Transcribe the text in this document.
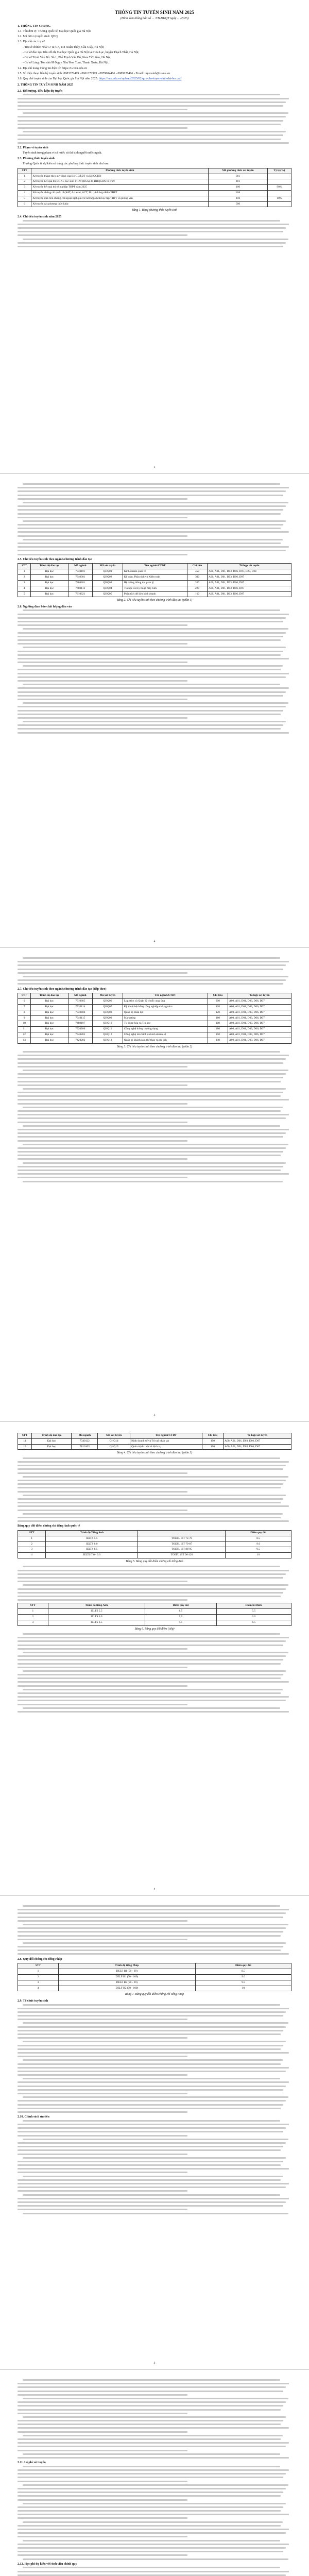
THÔNG TIN TUYỂN SINH NĂM 2025
(Đính kèm thông báo số ... /TB-ĐHQT ngày ... /2025)
1. THÔNG TIN CHUNG

1.1. Tên đơn vị: Trường Quốc tế, Đại học Quốc gia Hà Nội

1.2. Mã đơn vị tuyển sinh: QHQ

1.3. Địa chỉ các trụ sở:

- Trụ sở chính: Nhà G7 & G7, 144 Xuân Thủy, Cầu Giấy, Hà Nội;

- Cơ sở đào tạo: Khu đô thị Đại học Quốc gia Hà Nội tại Hòa Lạc, huyện Thạch Thất, Hà Nội;

- Cơ sở Trinh Văn Bô: Số 1, Phố Trịnh Văn Bô, Nam Từ Liêm, Hà Nội;

- Cơ sở Láng: Tòa nhà 99 Ngụy Như Kon Tum, Thanh Xuân, Hà Nội.

1.4. Địa chỉ trang thông tin điện tử: https://is.vnu.edu.vn

1.5. Số điện thoại liên hệ tuyển sinh: 0983372499 - 0961372999 - 0979004466 - 0989126466 - Email: tuyensinh@isvnu.vn

1.6. Quy chế tuyển sinh của Đại học Quốc gia Hà Nội năm 2025: https://vnu.edu.vn/upload/2025/02/quy-che-tuyen-sinh-dai-hoc.pdf

2. THÔNG TIN TUYỂN SINH NĂM 2025
2.1. Đối tượng, điều kiện dự tuyển
2.2. Phạm vi tuyển sinh

Tuyển sinh trong phạm vi cả nước và thí sinh người nước ngoài.

2.3. Phương thức tuyển sinh

Trường Quốc tế dự kiến sử dụng các phương thức tuyển sinh như sau:

STT	Phương thức tuyển sinh	Mã phương thức xét tuyển	Tỷ lệ (%)
1	Xét tuyển thẳng theo quy định của Bộ GD&ĐT và ĐHQGHN	301	
2	Xét tuyển kết quả thi ĐGNL học sinh THPT (HSA) do ĐHQGHN tổ chức	401	
3	Xét tuyển kết quả thi tốt nghiệp THPT năm 2025	100	90%
4	Xét tuyển chứng chỉ quốc tế (SAT, A-Level, ACT, IB...) kết hợp điểm THPT	408	
5	Xét tuyển dựa trên chứng chỉ ngoại ngữ quốc tế kết hợp điểm học tập THPT và phỏng vấn	410	10%
6	Xét tuyển các phương thức khác	500	
Bảng 1. Bảng phương thức tuyển sinh
2.4. Chỉ tiêu tuyển sinh năm 2025
1
2.5. Chỉ tiêu tuyển sinh theo ngành/chương trình đào tạo
STT	Trình độ đào tạo	Mã ngành	Mã xét tuyển	Tên ngành/CTĐT	Chỉ tiêu	Tổ hợp xét tuyển
1	Đại học	7340101	QHQ01	Kinh doanh quốc tế	450	A00, A01, D01, D03, D06, D07, D23, D24
2	Đại học	7340301	QHQ02	Kế toán, Phân tích và Kiểm toán	300	A00, A01, D01, D03, D06, D07
3	Đại học	7480201	QHQ03	Hệ thống thông tin quản lý	200	A00, A01, D01, D03, D06, D07
4	Đại học	7480112	QHQ04	Tin học và Kỹ thuật máy tính	220	A00, A01, D01, D03, D06, D07
5	Đại học	7310621	QHQ05	Phân tích dữ liệu kinh doanh	160	A00, A01, D01, D03, D06, D07
Bảng 2. Chỉ tiêu tuyển sinh theo chương trình đào tạo (phần 1)
2.6. Ngưỡng đảm bảo chất lượng đầu vào
2
2.7. Chỉ tiêu tuyển sinh theo ngành/chương trình đào tạo (tiếp theo)
STT	Trình độ đào tạo	Mã ngành	Mã xét tuyển	Tên ngành/CTĐT	Chỉ tiêu	Tổ hợp xét tuyển
6	Đại học	7510605	QHQ06	Logistics và Quản lý chuỗi cung ứng	200	A00, A01, D01, D03, D06, D07
7	Đại học	7520114	QHQ07	Kỹ thuật hệ thống công nghiệp và Logistics	120	A00, A01, D01, D03, D06, D07
8	Đại học	7340404	QHQ08	Quản trị nhân lực	120	A00, A01, D01, D03, D06, D07
9	Đại học	7340115	QHQ09	Marketing	180	A00, A01, D01, D03, D06, D07
10	Đại học	7480107	QHQ10	Tự động hóa và Tin học	100	A00, A01, D01, D03, D06, D07
11	Đại học	7520206	QHQ11	Công nghệ thông tin ứng dụng	180	A00, A01, D01, D03, D06, D07
12	Đại học	7340205	QHQ12	Công nghệ tài chính và kinh doanh số	150	A00, A01, D01, D03, D06, D07
13	Đại học	7420202	QHQ13	Quản trị khách sạn, thể thao và du lịch	140	A00, A01, D01, D03, D06, D07
Bảng 3. Chỉ tiêu tuyển sinh theo chương trình đào tạo (phần 2)
3
STT	Trình độ đào tạo	Mã ngành	Mã xét tuyển	Tên ngành/CTĐT	Chỉ tiêu	Tổ hợp xét tuyển
14	Đại học	7340122	QHQ14	Kinh doanh số và Trí tuệ nhân tạo	100	A00, A01, D01, D03, D06, D07
15	Đại học	7810103	QHQ15	Quản trị du lịch và dịch vụ	100	A00, A01, D01, D03, D06, D07
Bảng 4. Chỉ tiêu tuyển sinh theo chương trình đào tạo (phần 3)
Bảng quy đổi điểm chứng chỉ tiếng Anh quốc tế
STT	Trình độ Tiếng Anh		Điểm quy đổi
1	IELTS 5.5	TOEFL iBT 72-78	8.5
2	IELTS 6.0	TOEFL iBT 79-87	9.0
3	IELTS 6.5	TOEFL iBT 88-95	9.5
4	IELTS 7.0 - 9.0	TOEFL iBT 96-120	10
Bảng 5. Bảng quy đổi điểm chứng chỉ tiếng Anh
STT	Trình độ tiếng Anh	Điểm quy đổi	Điểm tối thiểu
1	IELTS 5.5	8.5	5.5
2	IELTS 6.0	9.0	6.0
3	IELTS 6.5	9.5	6.5
Bảng 6. Bảng quy đổi điểm (tiếp)
4
2.8. Quy đổi chứng chỉ tiếng Pháp
STT	Trình độ tiếng Pháp	Điểm quy đổi
1	DELF B1 (50 - 69)	8.5
2	DELF B1 (70 - 100)	9.0
3	DELF B2 (50 - 69)	9.5
4	DELF B2 (70 - 100)	10
Bảng 7. Bảng quy đổi điểm chứng chỉ tiếng Pháp
2.9. Tổ chức tuyển sinh
2.10. Chính sách ưu tiên
5
2.11. Lệ phí xét tuyển
2.12. Học phí dự kiến với sinh viên chính quy
